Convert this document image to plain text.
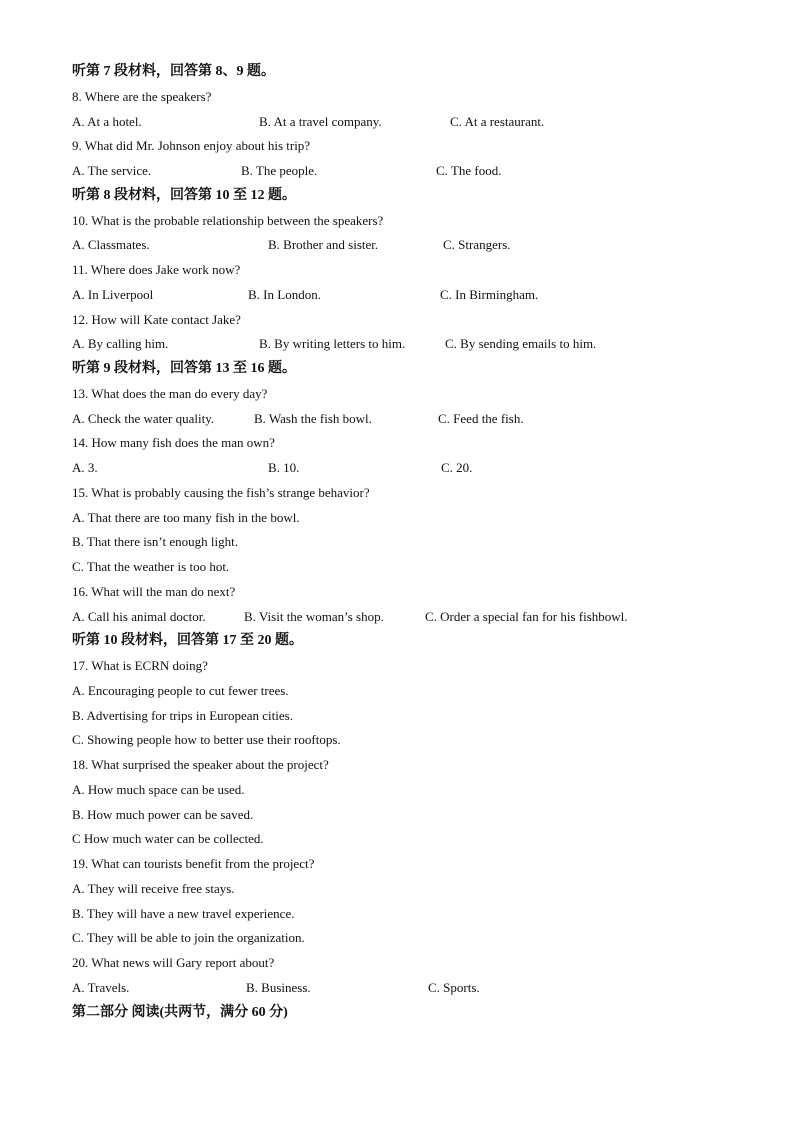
听第 7 段材料，回答第 8、9 题。
8. Where are the speakers?
A. At a hotel.	B. At a travel company.	C. At a restaurant.
9. What did Mr. Johnson enjoy about his trip?
A. The service.	B. The people.	C. The food.
听第 8 段材料，回答第 10 至 12 题。
10. What is the probable relationship between the speakers?
A. Classmates.	B. Brother and sister.	C. Strangers.
11. Where does Jake work now?
A. In Liverpool	B. In London.	C. In Birmingham.
12. How will Kate contact Jake?
A. By calling him.	B. By writing letters to him.	C. By sending emails to him.
听第 9 段材料，回答第 13 至 16 题。
13. What does the man do every day?
A. Check the water quality.	B. Wash the fish bowl.	C. Feed the fish.
14. How many fish does the man own?
A. 3.	B. 10.	C. 20.
15. What is probably causing the fish’s strange behavior?
A. That there are too many fish in the bowl.
B. That there isn’t enough light.
C. That the weather is too hot.
16. What will the man do next?
A. Call his animal doctor.	B. Visit the woman’s shop.	C. Order a special fan for his fishbowl.
听第 10 段材料，回答第 17 至 20 题。
17. What is ECRN doing?
A. Encouraging people to cut fewer trees.
B. Advertising for trips in European cities.
C. Showing people how to better use their rooftops.
18. What surprised the speaker about the project?
A. How much space can be used.
B. How much power can be saved.
C How much water can be collected.
19. What can tourists benefit from the project?
A. They will receive free stays.
B. They will have a new travel experience.
C. They will be able to join the organization.
20. What news will Gary report about?
A. Travels.	B. Business.	C. Sports.
第二部分 阅读(共两节，满分 60 分)
